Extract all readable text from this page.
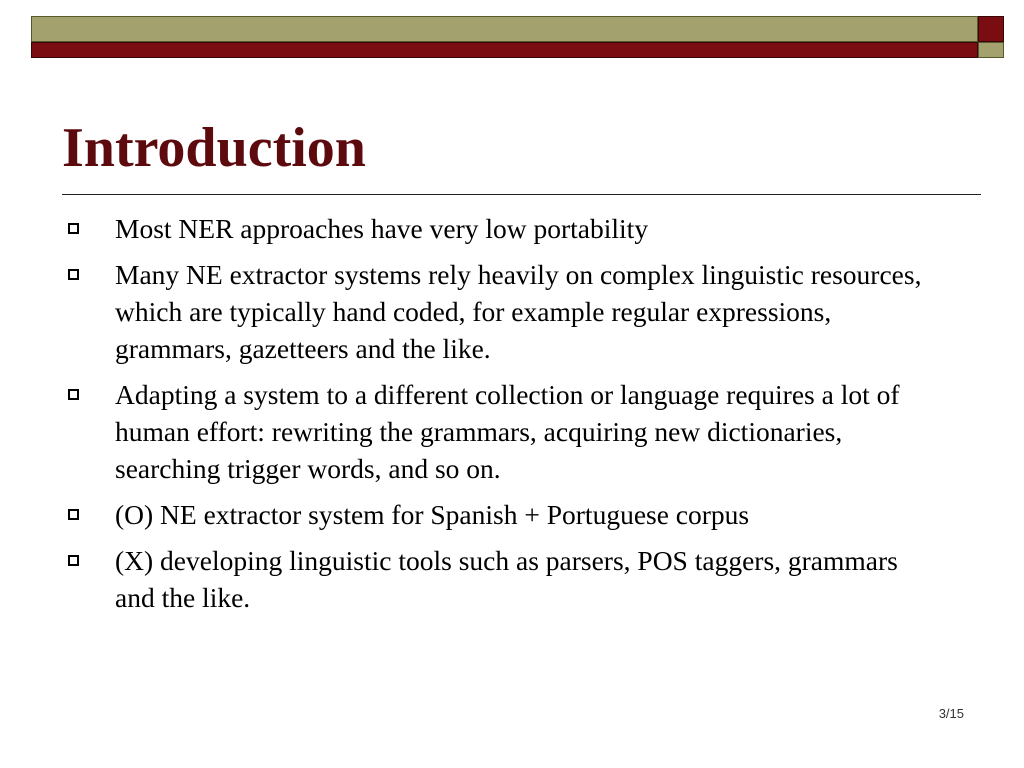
Introduction
Most NER approaches have very low portability
Many NE extractor systems rely heavily on complex linguistic resources, which are typically hand coded, for example regular expressions, grammars, gazetteers and the like.
Adapting a system to a different collection or language requires a lot of human effort: rewriting the grammars, acquiring new dictionaries, searching trigger words, and so on.
(O) NE extractor system for Spanish + Portuguese corpus
(X) developing linguistic tools such as parsers, POS taggers, grammars and the like.
3/15
